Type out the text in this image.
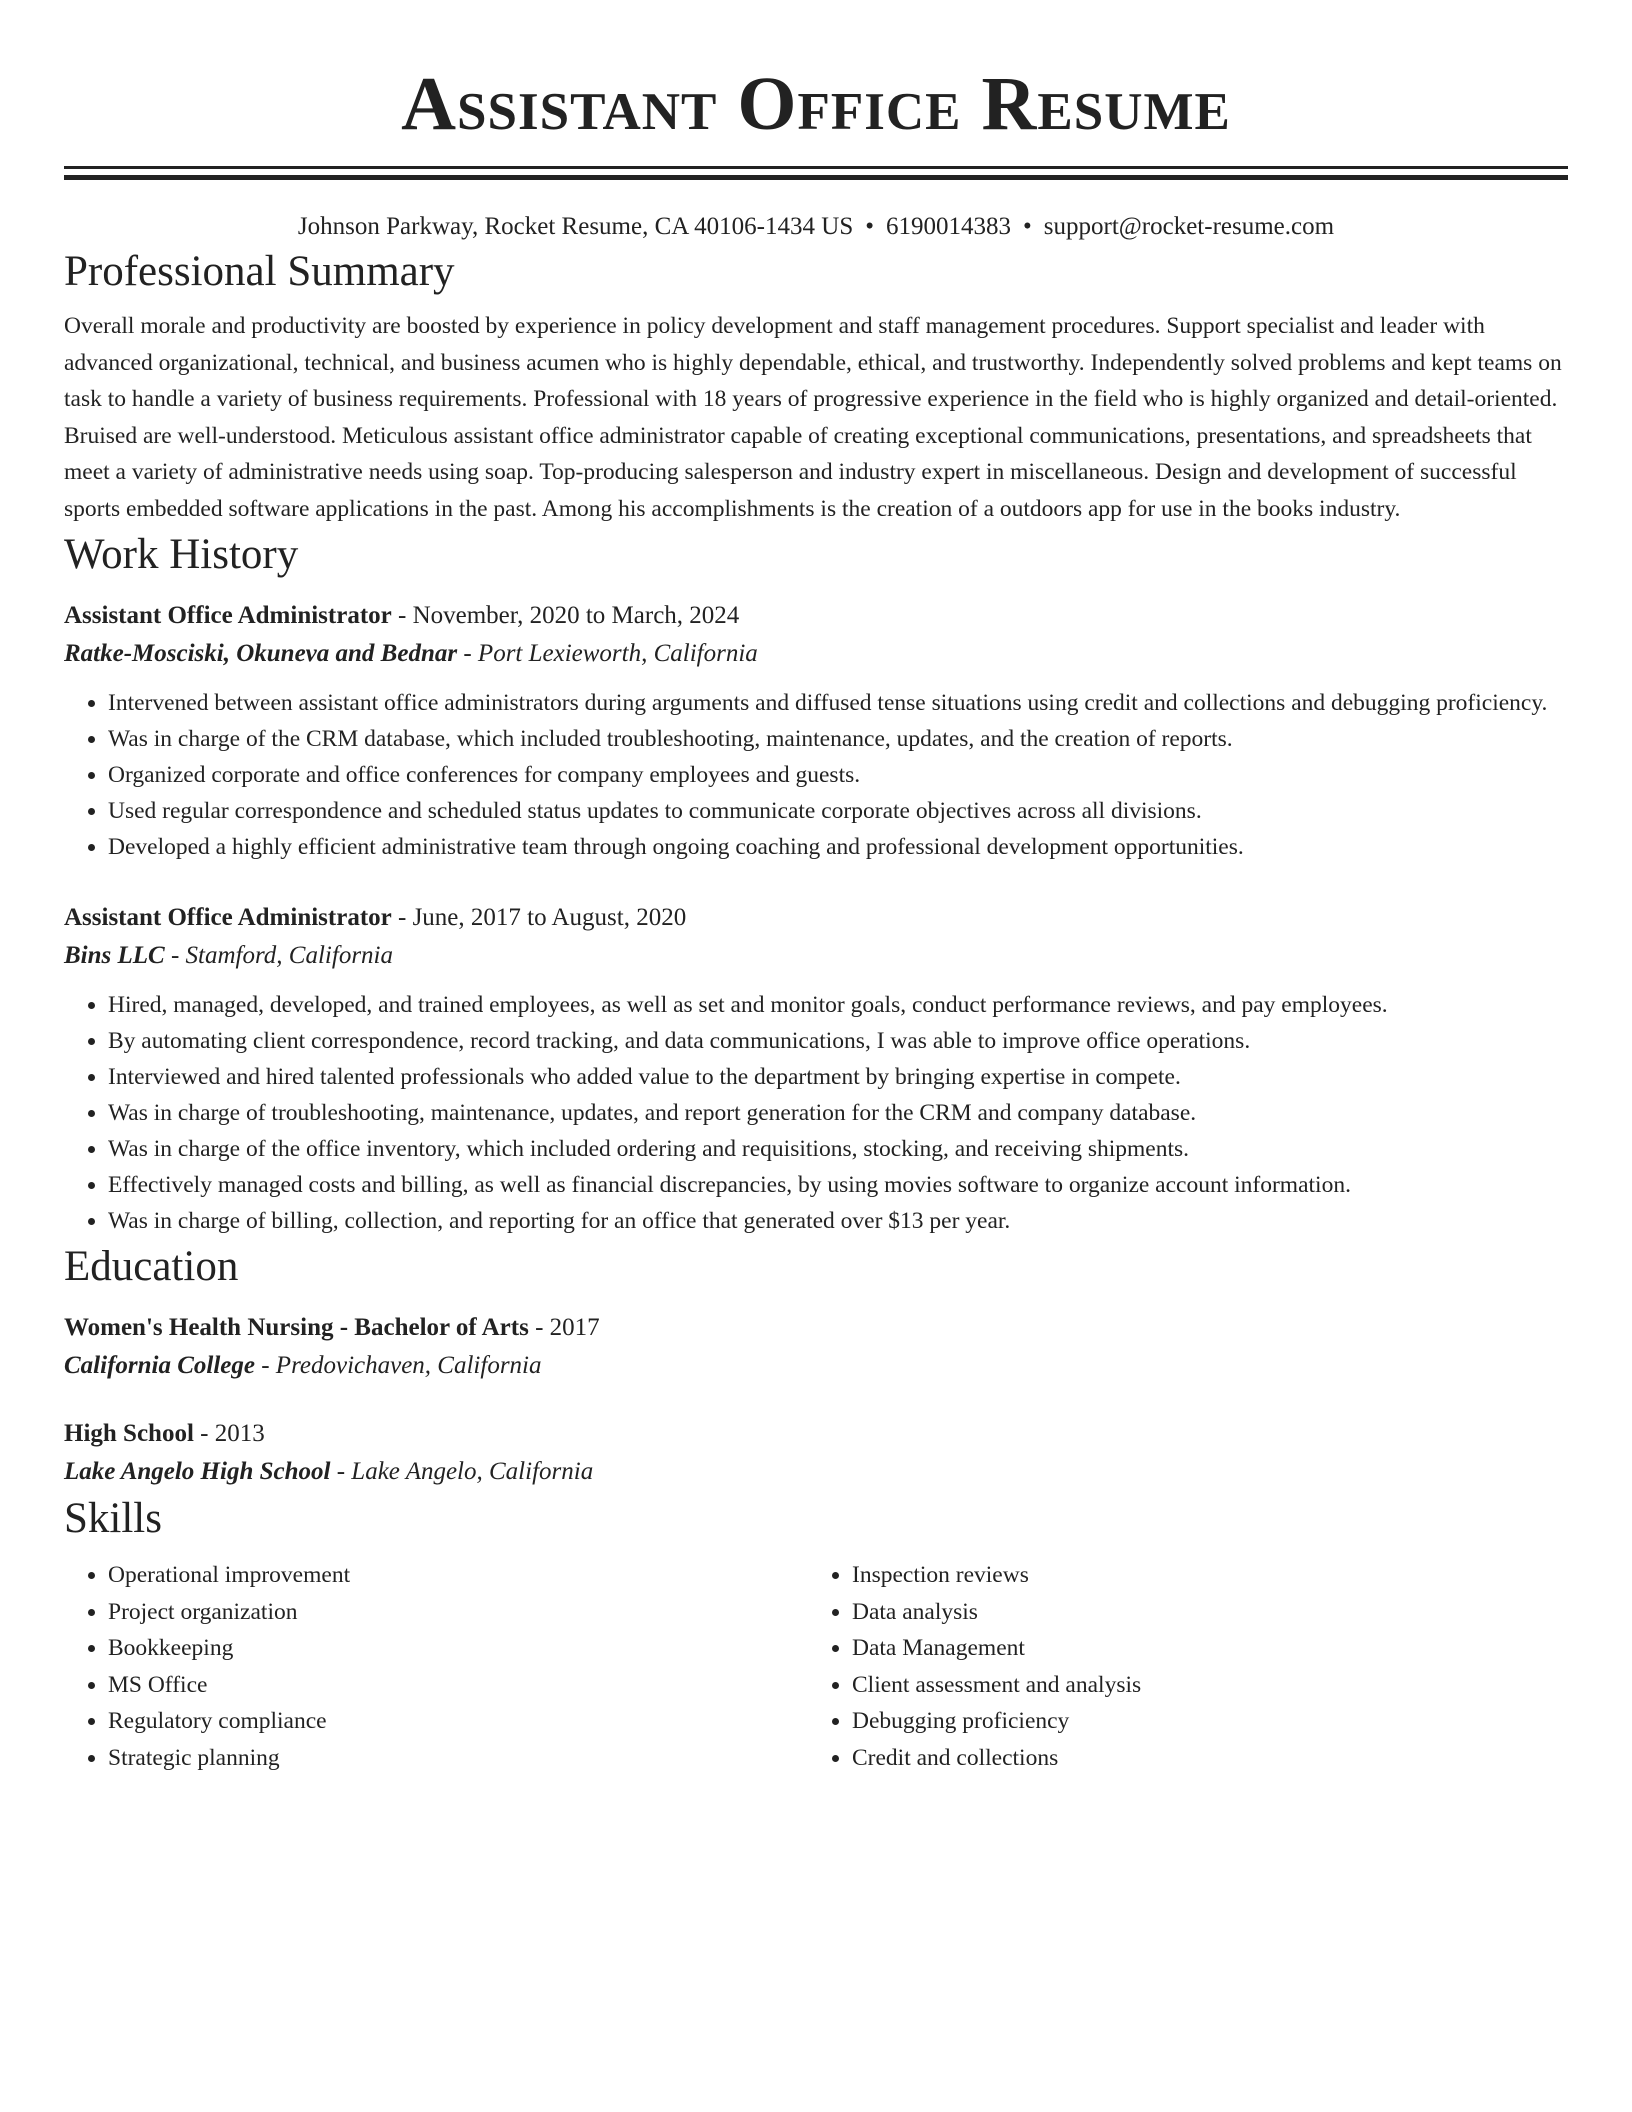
Assistant Office Resume
Johnson Parkway, Rocket Resume, CA 40106-1434 US • 6190014383 • support@rocket-resume.com
Professional Summary
Overall morale and productivity are boosted by experience in policy development and staff management procedures. Support specialist and leader with advanced organizational, technical, and business acumen who is highly dependable, ethical, and trustworthy. Independently solved problems and kept teams on task to handle a variety of business requirements. Professional with 18 years of progressive experience in the field who is highly organized and detail-oriented. Bruised are well-understood. Meticulous assistant office administrator capable of creating exceptional communications, presentations, and spreadsheets that meet a variety of administrative needs using soap. Top-producing salesperson and industry expert in miscellaneous. Design and development of successful sports embedded software applications in the past. Among his accomplishments is the creation of a outdoors app for use in the books industry.
Work History
Assistant Office Administrator - November, 2020 to March, 2024
Ratke-Mosciski, Okuneva and Bednar - Port Lexieworth, California
• Intervened between assistant office administrators during arguments and diffused tense situations using credit and collections and debugging proficiency.
• Was in charge of the CRM database, which included troubleshooting, maintenance, updates, and the creation of reports.
• Organized corporate and office conferences for company employees and guests.
• Used regular correspondence and scheduled status updates to communicate corporate objectives across all divisions.
• Developed a highly efficient administrative team through ongoing coaching and professional development opportunities.
Assistant Office Administrator - June, 2017 to August, 2020
Bins LLC - Stamford, California
• Hired, managed, developed, and trained employees, as well as set and monitor goals, conduct performance reviews, and pay employees.
• By automating client correspondence, record tracking, and data communications, I was able to improve office operations.
• Interviewed and hired talented professionals who added value to the department by bringing expertise in compete.
• Was in charge of troubleshooting, maintenance, updates, and report generation for the CRM and company database.
• Was in charge of the office inventory, which included ordering and requisitions, stocking, and receiving shipments.
• Effectively managed costs and billing, as well as financial discrepancies, by using movies software to organize account information.
• Was in charge of billing, collection, and reporting for an office that generated over $13 per year.
Education
Women's Health Nursing - Bachelor of Arts - 2017
California College - Predovichaven, California
High School - 2013
Lake Angelo High School - Lake Angelo, California
Skills
• Operational improvement
• Project organization
• Bookkeeping
• MS Office
• Regulatory compliance
• Strategic planning
• Inspection reviews
• Data analysis
• Data Management
• Client assessment and analysis
• Debugging proficiency
• Credit and collections
